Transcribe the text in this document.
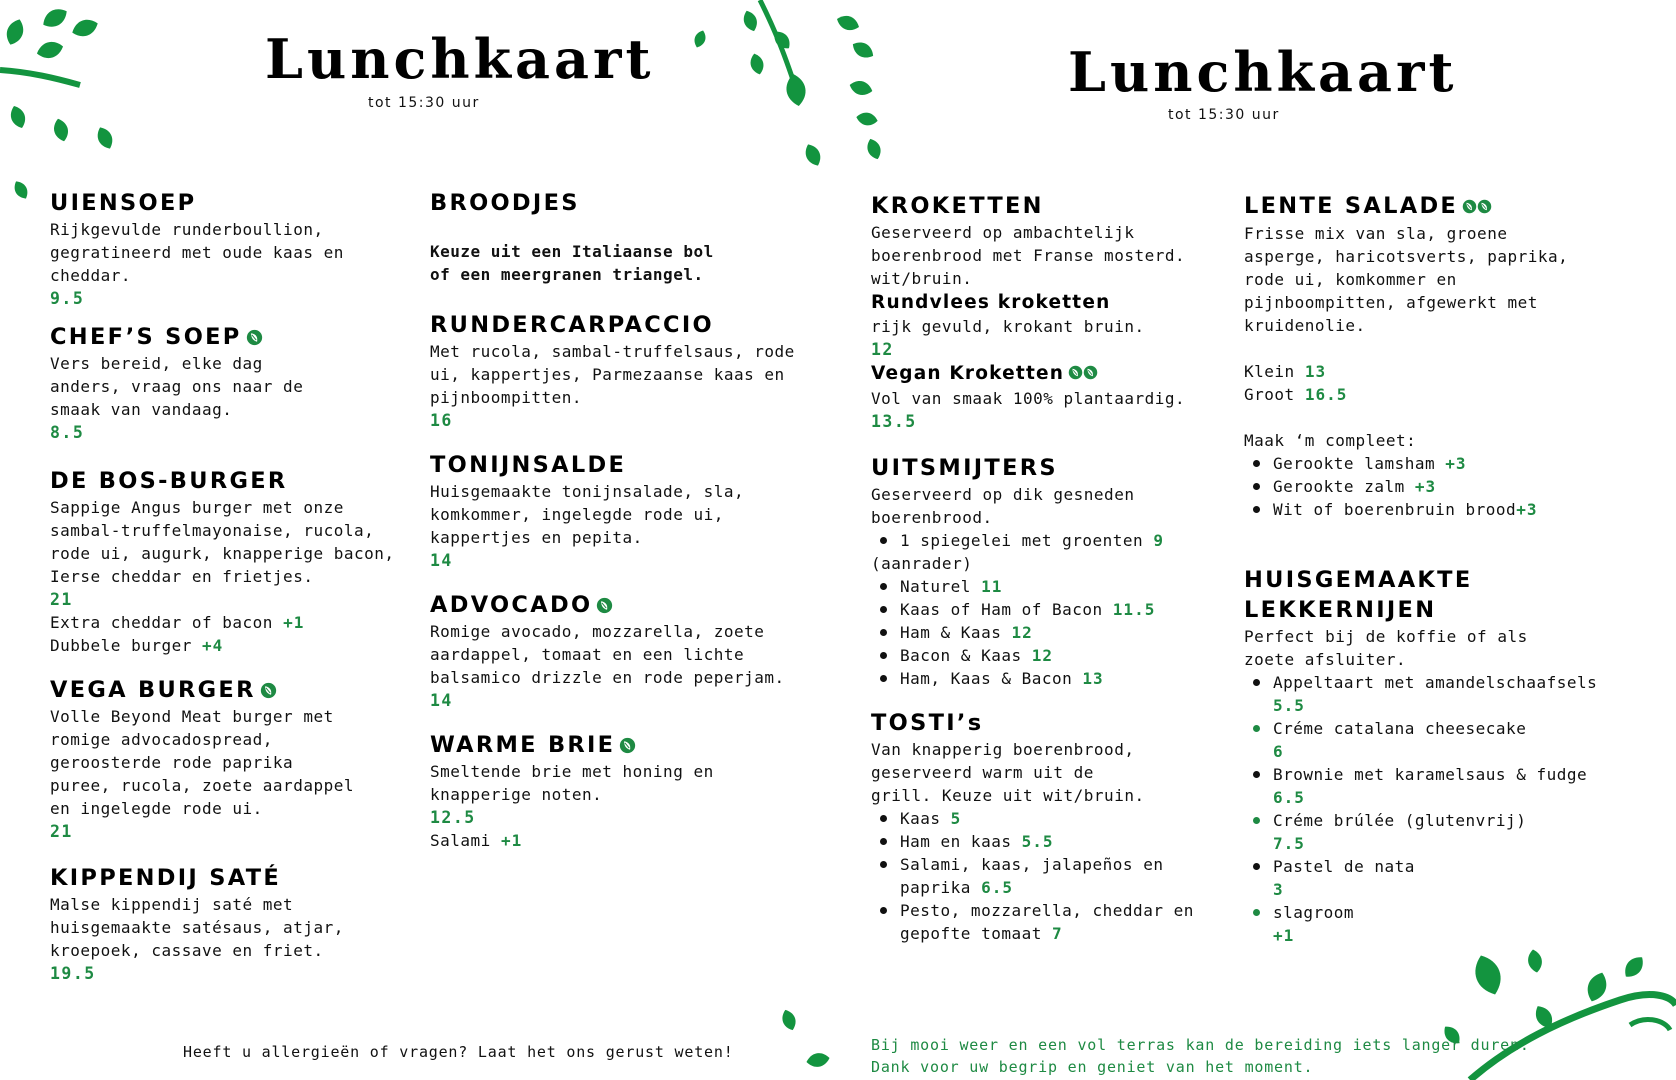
Lunchkaart
tot 15:30 uur

UIENSOEP

Rijkgevulde runderboullion, gegratineerd met oude kaas en cheddar.

9.5

CHEF’S SOEP

Vers bereid, elke dag anders, vraag ons naar de smaak van vandaag.

8.5

DE BOS-BURGER

Sappige Angus burger met onze sambal-truffelmayonaise, rucola, rode ui, augurk, knapperige bacon, Ierse cheddar en frietjes.

21

Extra cheddar of bacon +1

Dubbele burger +4

VEGA BURGER

Volle Beyond Meat burger met romige advocadospread, geroosterde rode paprika puree, rucola, zoete aardappel en ingelegde rode ui.

21

KIPPENDIJ SATÉ

Malse kippendij saté met huisgemaakte satésaus, atjar, kroepoek, cassave en friet.

19.5

BROODJES

Keuze uit een Italiaanse bol of een meergranen triangel.

RUNDERCARPACCIO

Met rucola, sambal-truffelsaus, rode ui, kappertjes, Parmezaanse kaas en pijnboompitten.

16

TONIJNSALDE

Huisgemaakte tonijnsalade, sla, komkommer, ingelegde rode ui, kappertjes en pepita.

14

ADVOCADO

Romige avocado, mozzarella, zoete aardappel, tomaat en een lichte balsamico drizzle en rode peperjam.

14

WARME BRIE

Smeltende brie met honing en knapperige noten.

12.5

Salami +1

Heeft u allergieën of vragen? Laat het ons gerust weten!
Lunchkaart
tot 15:30 uur

KROKETTEN

Geserveerd op ambachtelijk boerenbrood met Franse mosterd. wit/bruin.

Rundvlees kroketten

rijk gevuld, krokant bruin.

12

Vegan Kroketten

Vol van smaak 100% plantaardig.

13.5

UITSMIJTERS

Geserveerd op dik gesneden boerenbrood.

1 spiegelei met groenten 9

(aanrader)

Naturel 11
Kaas of Ham of Bacon 11.5
Ham & Kaas 12
Bacon & Kaas 12
Ham, Kaas & Bacon 13

TOSTI’s

Van knapperig boerenbrood, geserveerd warm uit de grill. Keuze uit wit/bruin.

Kaas 5
Ham en kaas 5.5
Salami, kaas, jalapeños en paprika 6.5
Pesto, mozzarella, cheddar en gepofte tomaat 7

LENTE SALADE

Frisse mix van sla, groene asperge, haricotsverts, paprika, rode ui, komkommer en pijnboompitten, afgewerkt met kruidenolie.

Klein 13

Groot 16.5

Maak ‘m compleet:

Gerookte lamsham +3
Gerookte zalm +3
Wit of boerenbruin brood+3

HUISGEMAAKTE LEKKERNIJEN

Perfect bij de koffie of als zoete afsluiter.

Appeltaart met amandelschaafsels
5.5
Créme catalana cheesecake
6
Brownie met karamelsaus & fudge
6.5
Créme brúlée (glutenvrij)
7.5
Pastel de nata
3
slagroom
+1
Bij mooi weer en een vol terras kan de bereiding iets langer duren.
Dank voor uw begrip en geniet van het moment.
